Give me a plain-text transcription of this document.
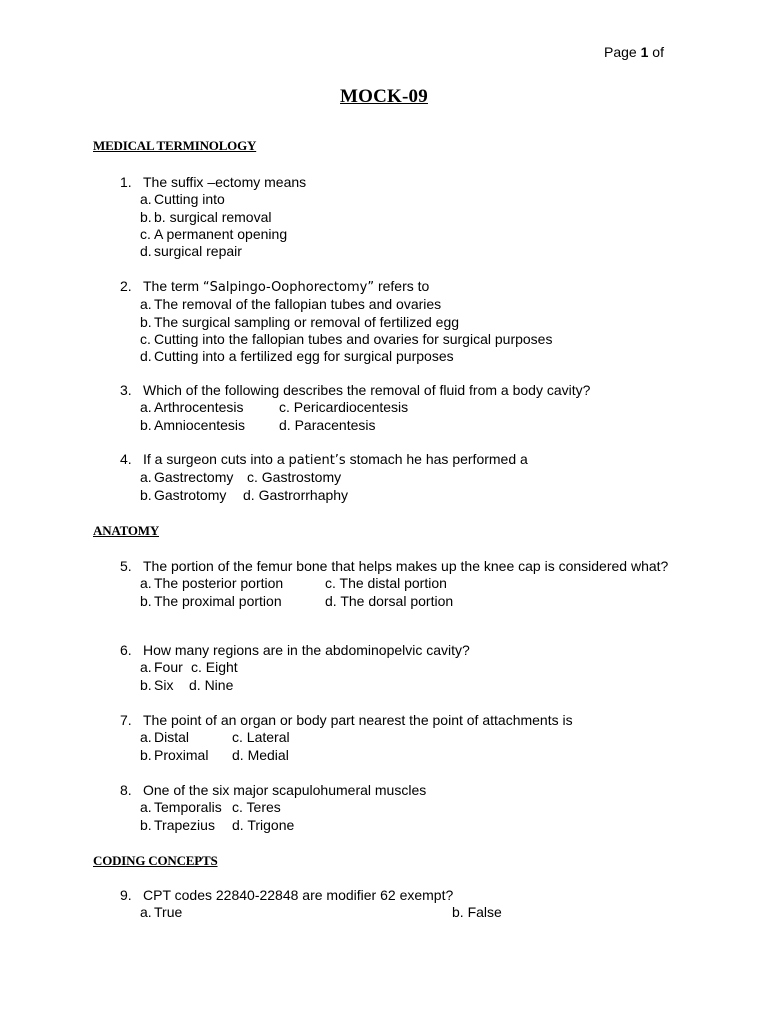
Page 1 of
MOCK-09
MEDICAL TERMINOLOGY
1. The suffix –ectomy means
a. Cutting into
b. b. surgical removal
c. A permanent opening
d. surgical repair
2. The term “Salpingo-Oophorectomy” refers to
a. The removal of the fallopian tubes and ovaries
b. The surgical sampling or removal of fertilized egg
c. Cutting into the fallopian tubes and ovaries for surgical purposes
d. Cutting into a fertilized egg for surgical purposes
3. Which of the following describes the removal of fluid from a body cavity?
a. Arthrocentesis	c. Pericardiocentesis
b. Amniocentesis	d. Paracentesis
4. If a surgeon cuts into a patient’s stomach he has performed a
a. Gastrectomy c. Gastrostomy
b. Gastrotomy	d. Gastrorrhaphy
ANATOMY
5. The portion of the femur bone that helps makes up the knee cap is considered what?
a. The posterior portion	c. The distal portion
b. The proximal portion	d. The dorsal portion
6. How many regions are in the abdominopelvic cavity?
a. Four c. Eight
b. Six	d. Nine
7. The point of an organ or body part nearest the point of attachments is
a. Distal	c. Lateral
b. Proximal	d. Medial
8. One of the six major scapulohumeral muscles
a. Temporalis c. Teres
b. Trapezius	d. Trigone
CODING CONCEPTS
9. CPT codes 22840-22848 are modifier 62 exempt?
a. True	b. False
